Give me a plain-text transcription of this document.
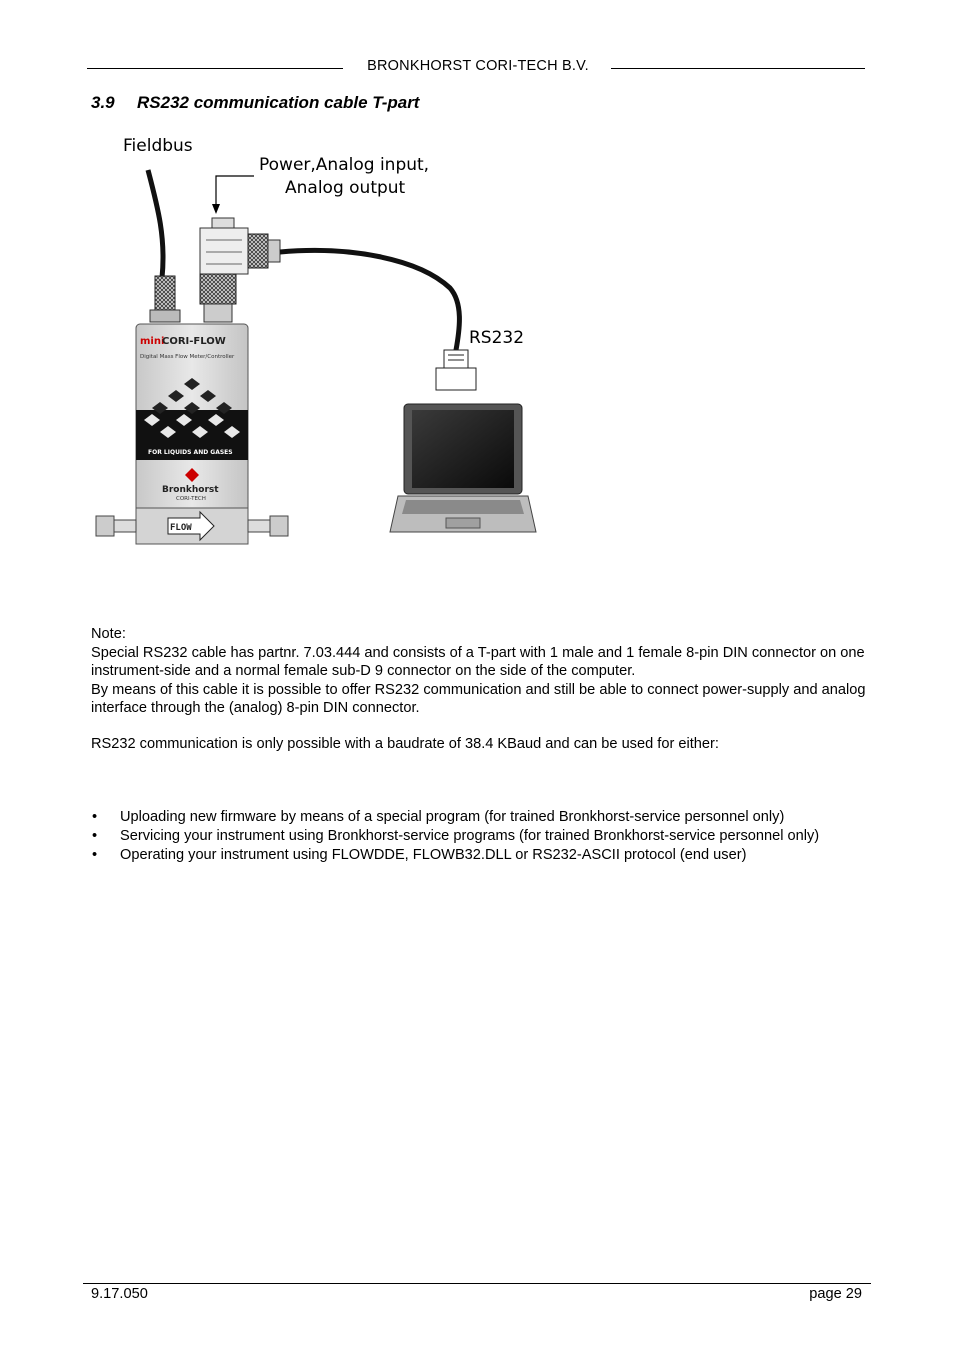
BRONKHORST CORI-TECH B.V.
3.9 RS232 communication cable T-part
mini
CORI-FLOW
Digital Mass Flow Meter/Controller
FOR LIQUIDS AND GASES
Bronkhorst
CORI-TECH
FLOW
Fieldbus
Power,Analog input,
Analog output
RS232

Note:

Special RS232 cable has partnr. 7.03.444 and consists of a T-part with 1 male and 1 female 8-pin DIN connector on one instrument-side and a normal female sub-D 9 connector on the side of the computer.

By means of this cable it is possible to offer RS232 communication and still be able to connect power-supply and analog interface through the (analog) 8-pin DIN connector.

RS232 communication is only possible with a baudrate of 38.4 KBaud and can be used for either:
• Uploading new firmware by means of a special program (for trained Bronkhorst-service personnel only)
• Servicing your instrument using Bronkhorst-service programs (for trained Bronkhorst-service personnel only)
• Operating your instrument using FLOWDDE, FLOWB32.DLL or RS232-ASCII protocol (end user)
9.17.050	page 29
